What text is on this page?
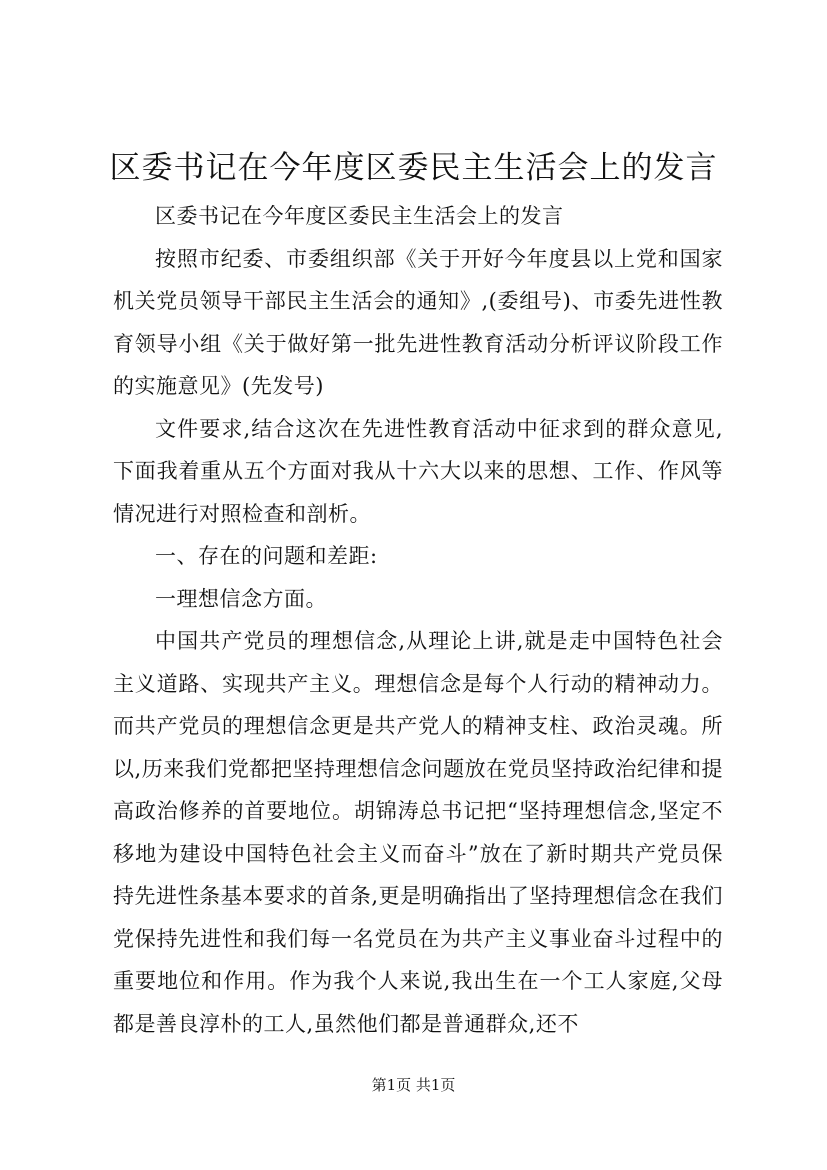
区委书记在今年度区委民主生活会上的发言

区委书记在今年度区委民主生活会上的发言

按照市纪委、市委组织部《关于开好今年度县以上党和国家机关党员领导干部民主生活会的通知》,(委组号)、市委先进性教育领导小组《关于做好第一批先进性教育活动分析评议阶段工作的实施意见》(先发号)

文件要求,结合这次在先进性教育活动中征求到的群众意见,下面我着重从五个方面对我从十六大以来的思想、工作、作风等情况进行对照检查和剖析。

一、存在的问题和差距:

一理想信念方面。

中国共产党员的理想信念,从理论上讲,就是走中国特色社会主义道路、实现共产主义。理想信念是每个人行动的精神动力。而共产党员的理想信念更是共产党人的精神支柱、政治灵魂。所以,历来我们党都把坚持理想信念问题放在党员坚持政治纪律和提高政治修养的首要地位。胡锦涛总书记把“坚持理想信念,坚定不移地为建设中国特色社会主义而奋斗”放在了新时期共产党员保持先进性条基本要求的首条,更是明确指出了坚持理想信念在我们党保持先进性和我们每一名党员在为共产主义事业奋斗过程中的重要地位和作用。作为我个人来说,我出生在一个工人家庭,父母都是善良淳朴的工人,虽然他们都是普通群众,还不

第1页 共1页
